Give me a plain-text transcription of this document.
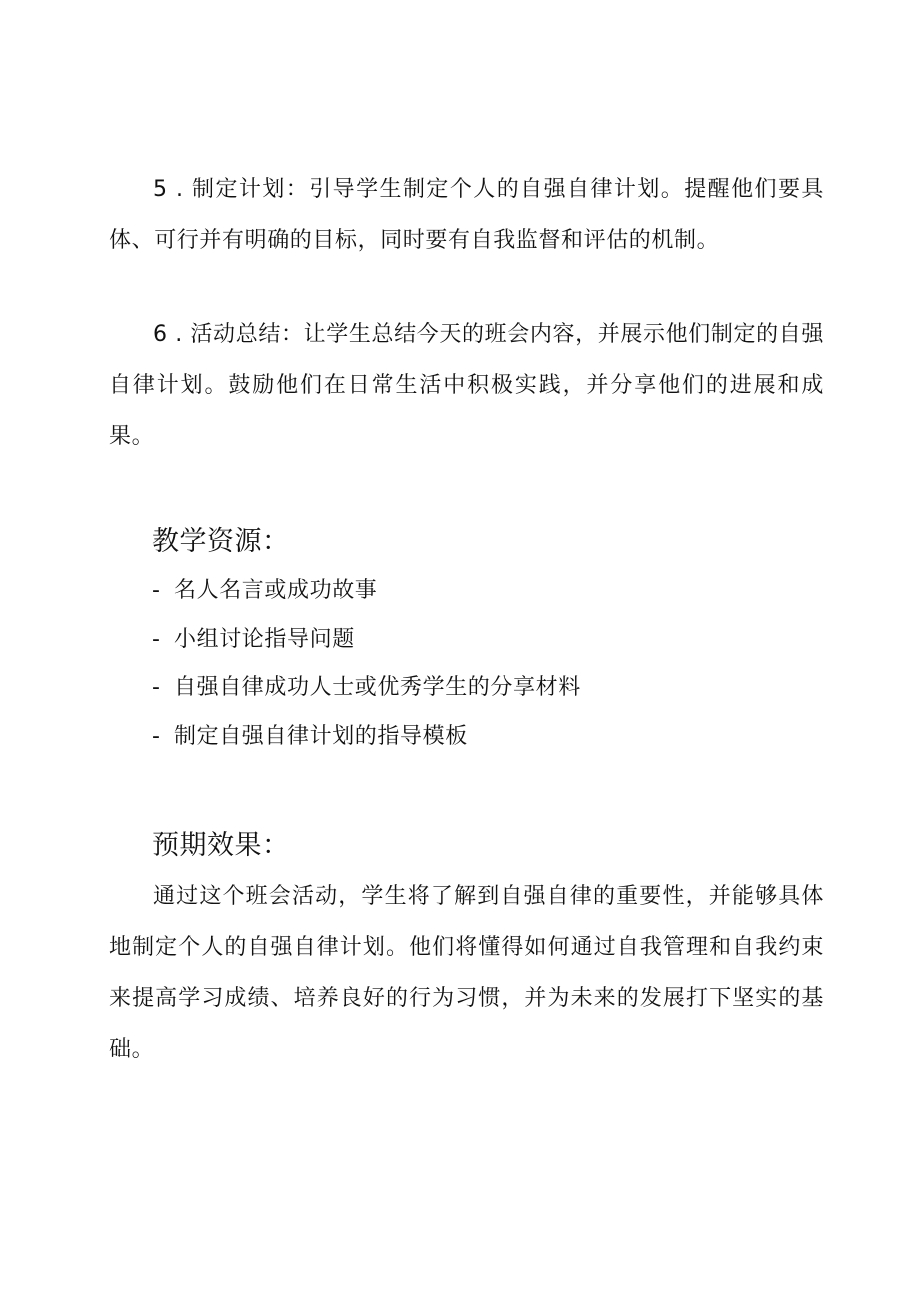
5 . 制定计划：引导学生制定个人的自强自律计划。提醒他们要具体、可行并有明确的目标，同时要有自我监督和评估的机制。

6 . 活动总结：让学生总结今天的班会内容，并展示他们制定的自强自律计划。鼓励他们在日常生活中积极实践，并分享他们的进展和成果。

教学资源：
- 名人名言或成功故事
- 小组讨论指导问题
- 自强自律成功人士或优秀学生的分享材料
- 制定自强自律计划的指导模板
预期效果：

通过这个班会活动，学生将了解到自强自律的重要性，并能够具体地制定个人的自强自律计划。他们将懂得如何通过自我管理和自我约束来提高学习成绩、培养良好的行为习惯，并为未来的发展打下坚实的基础。
